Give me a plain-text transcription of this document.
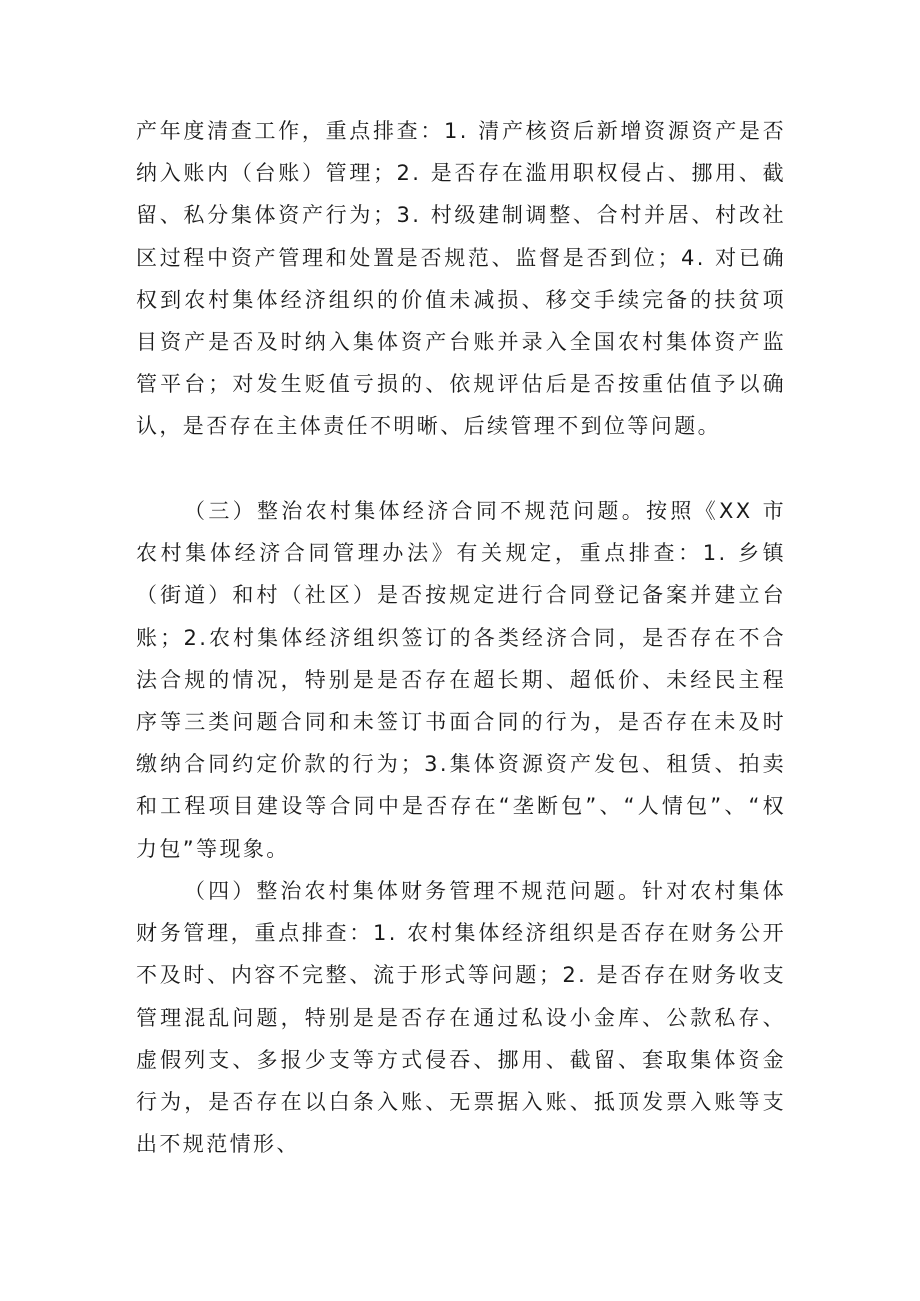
产年度清查工作，重点排查：1. 清产核资后新增资源资产是否纳入账内（台账）管理；2. 是否存在滥用职权侵占、挪用、截留、私分集体资产行为；3. 村级建制调整、合村并居、村改社区过程中资产管理和处置是否规范、监督是否到位；4. 对已确权到农村集体经济组织的价值未减损、移交手续完备的扶贫项目资产是否及时纳入集体资产台账并录入全国农村集体资产监管平台；对发生贬值亏损的、依规评估后是否按重估值予以确认，是否存在主体责任不明晰、后续管理不到位等问题。

（三）整治农村集体经济合同不规范问题。按照《XX 市农村集体经济合同管理办法》有关规定，重点排查：1. 乡镇（街道）和村（社区）是否按规定进行合同登记备案并建立台账；2.农村集体经济组织签订的各类经济合同，是否存在不合法合规的情况，特别是是否存在超长期、超低价、未经民主程序等三类问题合同和未签订书面合同的行为，是否存在未及时缴纳合同约定价款的行为；3.集体资源资产发包、租赁、拍卖和工程项目建设等合同中是否存在“垄断包”、“人情包”、“权力包”等现象。

（四）整治农村集体财务管理不规范问题。针对农村集体财务管理，重点排查：1. 农村集体经济组织是否存在财务公开不及时、内容不完整、流于形式等问题；2. 是否存在财务收支管理混乱问题，特别是是否存在通过私设小金库、公款私存、虚假列支、多报少支等方式侵吞、挪用、截留、套取集体资金行为，是否存在以白条入账、无票据入账、抵顶发票入账等支出不规范情形、
